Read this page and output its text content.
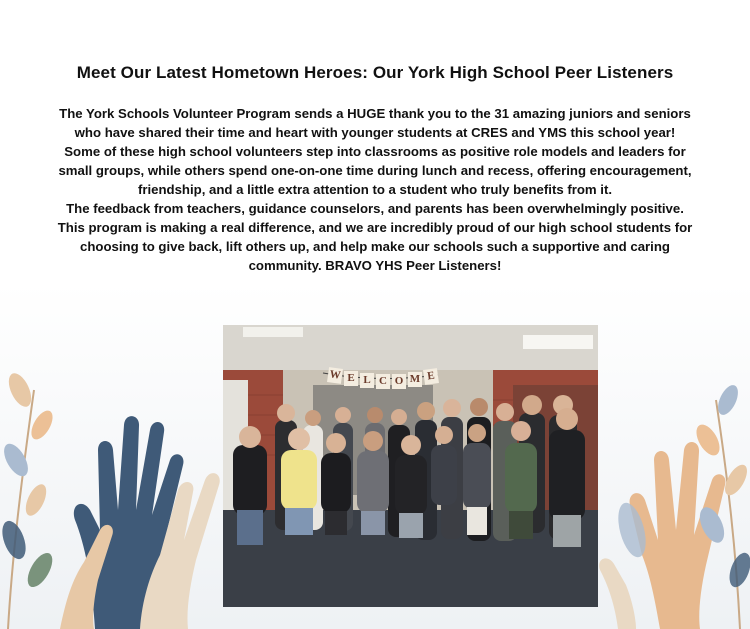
Meet Our Latest Hometown Heroes: Our York High School Peer Listeners

The York Schools Volunteer Program sends a HUGE thank you to the 31 amazing juniors and seniors who have shared their time and heart with younger students at CRES and YMS this school year!

Some of these high school volunteers step into classrooms as positive role models and leaders for small groups, while others spend one-on-one time during lunch and recess, offering encouragement, friendship, and a little extra attention to a student who truly benefits from it.

The feedback from teachers, guidance counselors, and parents has been overwhelmingly positive. This program is making a real difference, and we are incredibly proud of our high school students for choosing to give back, lift others up, and help make our schools such a supportive and caring community. BRAVO YHS Peer Listeners!

W E L C O M E
